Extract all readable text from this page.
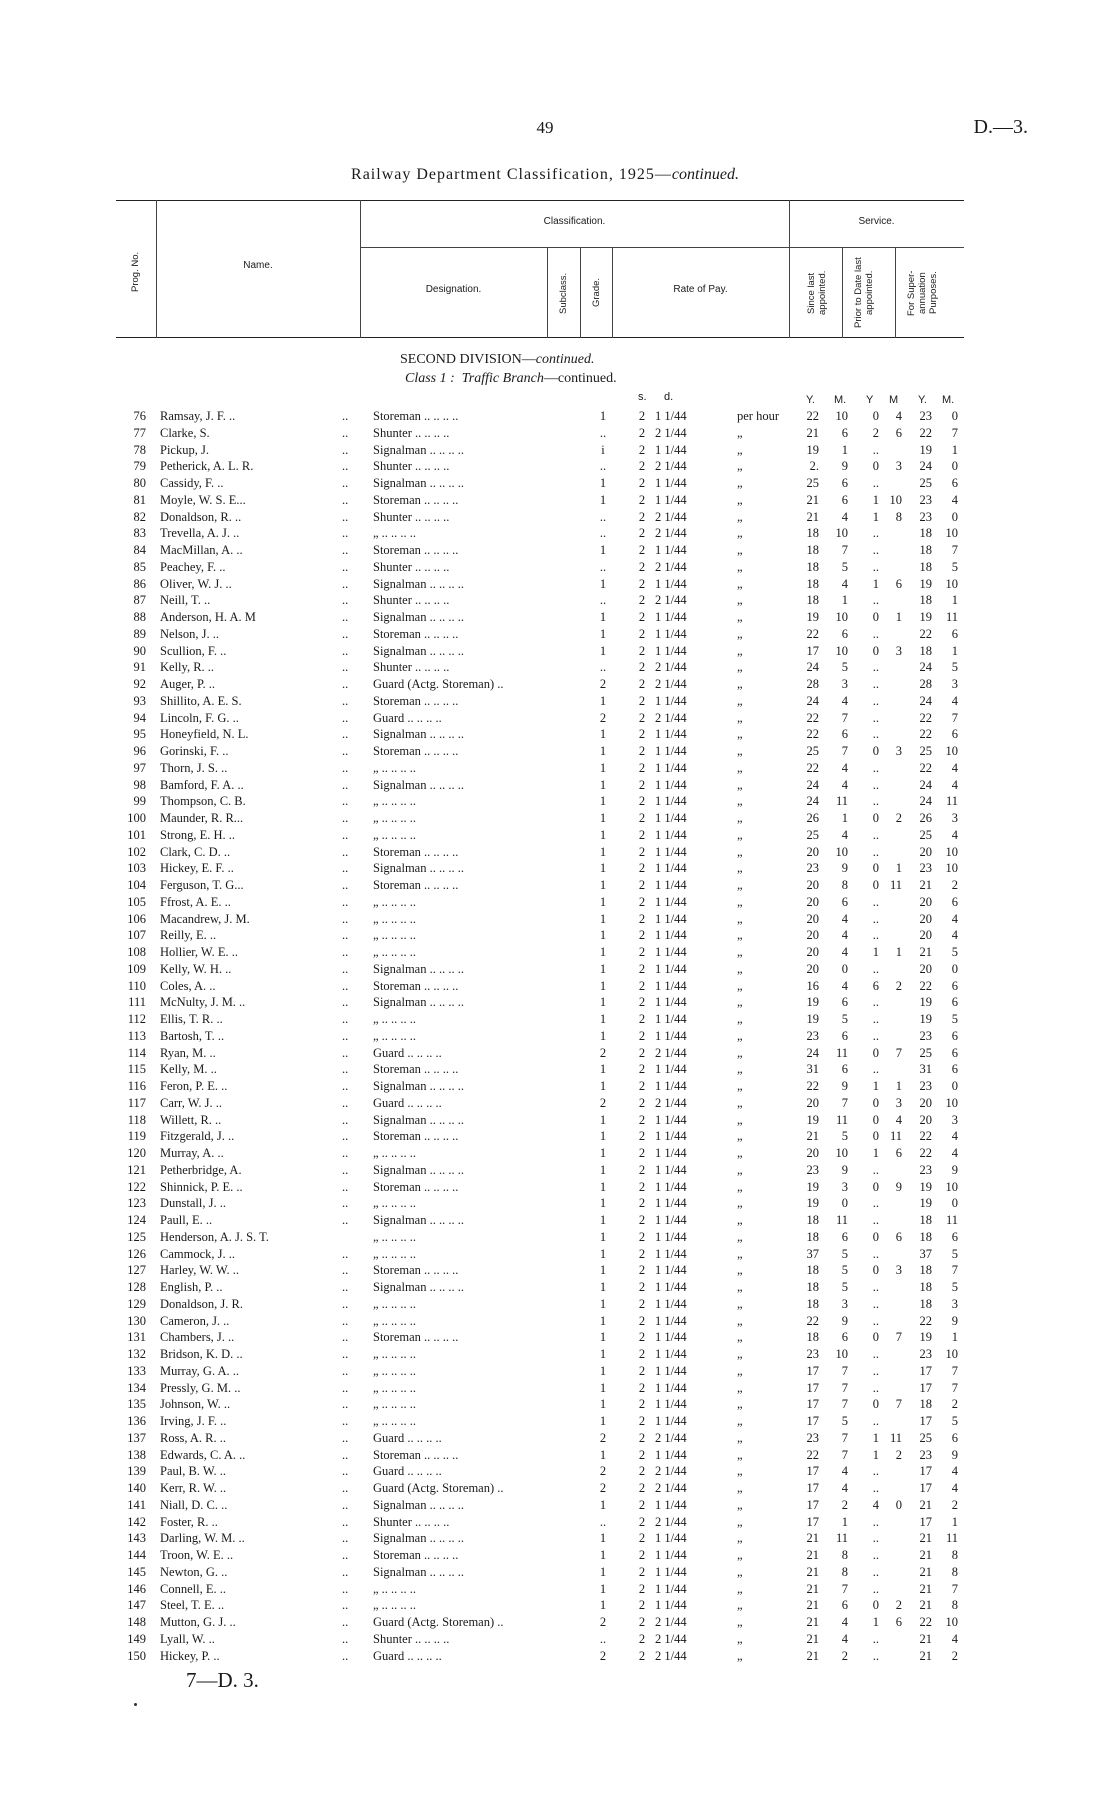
49	D.—3.
Railway Department Classification, 1925—continued.
Prog. No.	Name.
Classification.	Service.
Designation.	Subclass. Grade.	Rate of Pay.	Since last appointed.	Prior to Date last appointed.	For Super-annuation Purposes.
SECOND DIVISION—continued.
Class 1 : Traffic Branch—continued.
s. d.	Y. M. Y M Y. M.
76 Ramsay, J. F. ..	.. Storeman .. .. .. ..	1	2 1 1/44	per hour	22	10	0	4	23	0
77 Clarke, S.	.. Shunter .. .. .. ..	..	2 2 1/44	„	21	6	2	6	22	7
78 Pickup, J.	.. Signalman .. .. .. ..	i	2 1 1/44	„	19	1	..	19	1
79 Petherick, A. L. R.	.. Shunter .. .. .. ..	..	2 2 1/44	„	2.	9	0	3	24	0
80 Cassidy, F. ..	.. Signalman .. .. .. ..	1	2 1 1/44	„	25	6	..	25	6
81 Moyle, W. S. E...	.. Storeman .. .. .. ..	1	2 1 1/44	„	21	6	1 10	23	4
82 Donaldson, R. ..	.. Shunter .. .. .. ..	..	2 2 1/44	„	21	4	1	8	23	0
83 Trevella, A. J. ..	.. „ .. .. .. ..	..	2 2 1/44	„	18	10	..	18	10
84 MacMillan, A. ..	.. Storeman .. .. .. ..	1	2 1 1/44	„	18	7	..	18	7
85 Peachey, F. ..	.. Shunter .. .. .. ..	..	2 2 1/44	„	18	5	..	18	5
86 Oliver, W. J. ..	.. Signalman .. .. .. ..	1	2 1 1/44	„	18	4	1	6	19	10
87 Neill, T. ..	.. Shunter .. .. .. ..	..	2 2 1/44	„	18	1	..	18	1
88 Anderson, H. A. M	.. Signalman .. .. .. ..	1	2 1 1/44	„	19	10	0	1	19	11
89 Nelson, J. ..	.. Storeman .. .. .. ..	1	2 1 1/44	„	22	6	..	22	6
90 Scullion, F. ..	.. Signalman .. .. .. ..	1	2 1 1/44	„	17	10	0	3	18	1
91 Kelly, R. ..	.. Shunter .. .. .. ..	..	2 2 1/44	„	24	5	..	24	5
92 Auger, P. ..	.. Guard (Actg. Storeman) ..	2	2 2 1/44	„	28	3	..	28	3
93 Shillito, A. E. S.	.. Storeman .. .. .. ..	1	2 1 1/44	„	24	4	..	24	4
94 Lincoln, F. G. ..	.. Guard .. .. .. ..	2	2 2 1/44	„	22	7	..	22	7
95 Honeyfield, N. L.	.. Signalman .. .. .. ..	1	2 1 1/44	„	22	6	..	22	6
96 Gorinski, F. ..	.. Storeman .. .. .. ..	1	2 1 1/44	„	25	7	0	3	25	10
97 Thorn, J. S. ..	.. „ .. .. .. ..	1	2 1 1/44	„	22	4	..	22	4
98 Bamford, F. A. ..	.. Signalman .. .. .. ..	1	2 1 1/44	„	24	4	..	24	4
99 Thompson, C. B.	.. „ .. .. .. ..	1	2 1 1/44	„	24	11	..	24	11
100 Maunder, R. R...	.. „ .. .. .. ..	1	2 1 1/44	„	26	1	0	2	26	3
101 Strong, E. H. ..	.. „ .. .. .. ..	1	2 1 1/44	„	25	4	..	25	4
102 Clark, C. D. ..	.. Storeman .. .. .. ..	1	2 1 1/44	„	20	10	..	20	10
103 Hickey, E. F. ..	.. Signalman .. .. .. ..	1	2 1 1/44	„	23	9	0	1	23	10
104 Ferguson, T. G...	.. Storeman .. .. .. ..	1	2 1 1/44	„	20	8	0 11	21	2
105 Ffrost, A. E. ..	.. „ .. .. .. ..	1	2 1 1/44	„	20	6	..	20	6
106 Macandrew, J. M.	.. „ .. .. .. ..	1	2 1 1/44	„	20	4	..	20	4
107 Reilly, E. ..	.. „ .. .. .. ..	1	2 1 1/44	„	20	4	..	20	4
108 Hollier, W. E. ..	.. „ .. .. .. ..	1	2 1 1/44	„	20	4	1	1	21	5
109 Kelly, W. H. ..	.. Signalman .. .. .. ..	1	2 1 1/44	„	20	0	..	20	0
110 Coles, A. ..	.. Storeman .. .. .. ..	1	2 1 1/44	„	16	4	6	2	22	6
111 McNulty, J. M. ..	.. Signalman .. .. .. ..	1	2 1 1/44	„	19	6	..	19	6
112 Ellis, T. R. ..	.. „ .. .. .. ..	1	2 1 1/44	„	19	5	..	19	5
113 Bartosh, T. ..	.. „ .. .. .. ..	1	2 1 1/44	„	23	6	..	23	6
114 Ryan, M. ..	.. Guard .. .. .. ..	2	2 2 1/44	„	24	11	0	7	25	6
115 Kelly, M. ..	.. Storeman .. .. .. ..	1	2 1 1/44	„	31	6	..	31	6
116 Feron, P. E. ..	.. Signalman .. .. .. ..	1	2 1 1/44	„	22	9	1	1	23	0
117 Carr, W. J. ..	.. Guard .. .. .. ..	2	2 2 1/44	„	20	7	0	3	20	10
118 Willett, R. ..	.. Signalman .. .. .. ..	1	2 1 1/44	„	19	11	0	4	20	3
119 Fitzgerald, J. ..	.. Storeman .. .. .. ..	1	2 1 1/44	„	21	5	0 11	22	4
120 Murray, A. ..	.. „ .. .. .. ..	1	2 1 1/44	„	20	10	1	6	22	4
121 Petherbridge, A.	.. Signalman .. .. .. ..	1	2 1 1/44	„	23	9	..	23	9
122 Shinnick, P. E. ..	.. Storeman .. .. .. ..	1	2 1 1/44	„	19	3	0	9	19	10
123 Dunstall, J. ..	.. „ .. .. .. ..	1	2 1 1/44	„	19	0	..	19	0
124 Paull, E. ..	.. Signalman .. .. .. ..	1	2 1 1/44	„	18	11	..	18	11
125 Henderson, A. J. S. T.	„ .. .. .. ..	1	2 1 1/44	„	18	6	0	6	18	6
126 Cammock, J. ..	.. „ .. .. .. ..	1	2 1 1/44	„	37	5	..	37	5
127 Harley, W. W. ..	.. Storeman .. .. .. ..	1	2 1 1/44	„	18	5	0	3	18	7
128 English, P. ..	.. Signalman .. .. .. ..	1	2 1 1/44	„	18	5	..	18	5
129 Donaldson, J. R.	.. „ .. .. .. ..	1	2 1 1/44	„	18	3	..	18	3
130 Cameron, J. ..	.. „ .. .. .. ..	1	2 1 1/44	„	22	9	..	22	9
131 Chambers, J. ..	.. Storeman .. .. .. ..	1	2 1 1/44	„	18	6	0	7	19	1
132 Bridson, K. D. ..	.. „ .. .. .. ..	1	2 1 1/44	„	23	10	..	23	10
133 Murray, G. A. ..	.. „ .. .. .. ..	1	2 1 1/44	„	17	7	..	17	7
134 Pressly, G. M. ..	.. „ .. .. .. ..	1	2 1 1/44	„	17	7	..	17	7
135 Johnson, W. ..	.. „ .. .. .. ..	1	2 1 1/44	„	17	7	0	7	18	2
136 Irving, J. F. ..	.. „ .. .. .. ..	1	2 1 1/44	„	17	5	..	17	5
137 Ross, A. R. ..	.. Guard .. .. .. ..	2	2 2 1/44	„	23	7	1 11	25	6
138 Edwards, C. A. ..	.. Storeman .. .. .. ..	1	2 1 1/44	„	22	7	1	2	23	9
139 Paul, B. W. ..	.. Guard .. .. .. ..	2	2 2 1/44	„	17	4	..	17	4
140 Kerr, R. W. ..	.. Guard (Actg. Storeman) ..	2	2 2 1/44	„	17	4	..	17	4
141 Niall, D. C. ..	.. Signalman .. .. .. ..	1	2 1 1/44	„	17	2	4	0	21	2
142 Foster, R. ..	.. Shunter .. .. .. ..	..	2 2 1/44	„	17	1	..	17	1
143 Darling, W. M. ..	.. Signalman .. .. .. ..	1	2 1 1/44	„	21	11	..	21	11
144 Troon, W. E. ..	.. Storeman .. .. .. ..	1	2 1 1/44	„	21	8	..	21	8
145 Newton, G. ..	.. Signalman .. .. .. ..	1	2 1 1/44	„	21	8	..	21	8
146 Connell, E. ..	.. „ .. .. .. ..	1	2 1 1/44	„	21	7	..	21	7
147 Steel, T. E. ..	.. „ .. .. .. ..	1	2 1 1/44	„	21	6	0	2	21	8
148 Mutton, G. J. ..	.. Guard (Actg. Storeman) ..	2	2 2 1/44	„	21	4	1	6	22	10
149 Lyall, W. ..	.. Shunter .. .. .. ..	..	2 2 1/44	„	21	4	..	21	4
150 Hickey, P. ..	.. Guard .. .. .. ..	2	2 2 1/44	„	21	2	..	21	2
7—D. 3.
